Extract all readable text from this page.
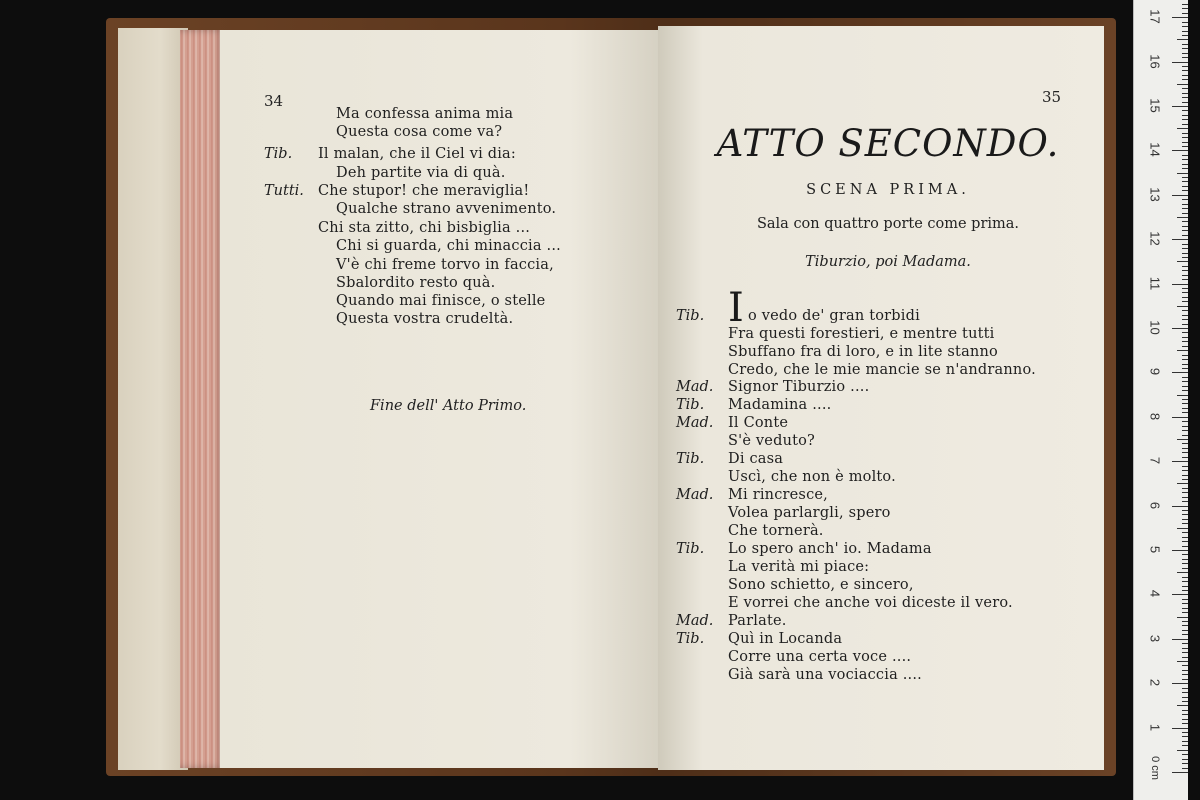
34
Tib.
Tutti.
Ma confessa anima mia
Questa cosa come va?
Il malan, che il Ciel vi dia:
Deh partite via di quà.
Che stupor! che meraviglia!
Qualche strano avvenimento.
Chi sta zitto, chi bisbiglia ...
Chi si guarda, chi minaccia ...
V'è chi freme torvo in faccia,
Sbalordito resto quà.
Quando mai finisce, o stelle
Questa vostra crudeltà.
Fine dell' Atto Primo.
35
ATTO SECONDO.
SCENA PRIMA.
Sala con quattro porte come prima.
Tiburzio, poi Madama.
I
Tib.
Mad.
Tib.
Mad.
Tib.
Mad.
Tib.
Mad.
Tib.
o vedo de' gran torbidi
Fra questi forestieri, e mentre tutti
Sbuffano fra di loro, e in lite stanno
Credo, che le mie mancie se n'andranno.
Signor Tiburzio ....
Madamina ....
Il Conte
S'è veduto?
Di casa
Uscì, che non è molto.
Mi rincresce,
Volea parlargli, spero
Che tornerà.
Lo spero anch' io. Madama
La verità mi piace:
Sono schietto, e sincero,
E vorrei che anche voi diceste il vero.
Parlate.
Quì in Locanda
Corre una certa voce ....
Già sarà una vociaccia ....
0 cm
1
2
3
4
5
6
7
8
9
10
11
12
13
14
15
16
17
